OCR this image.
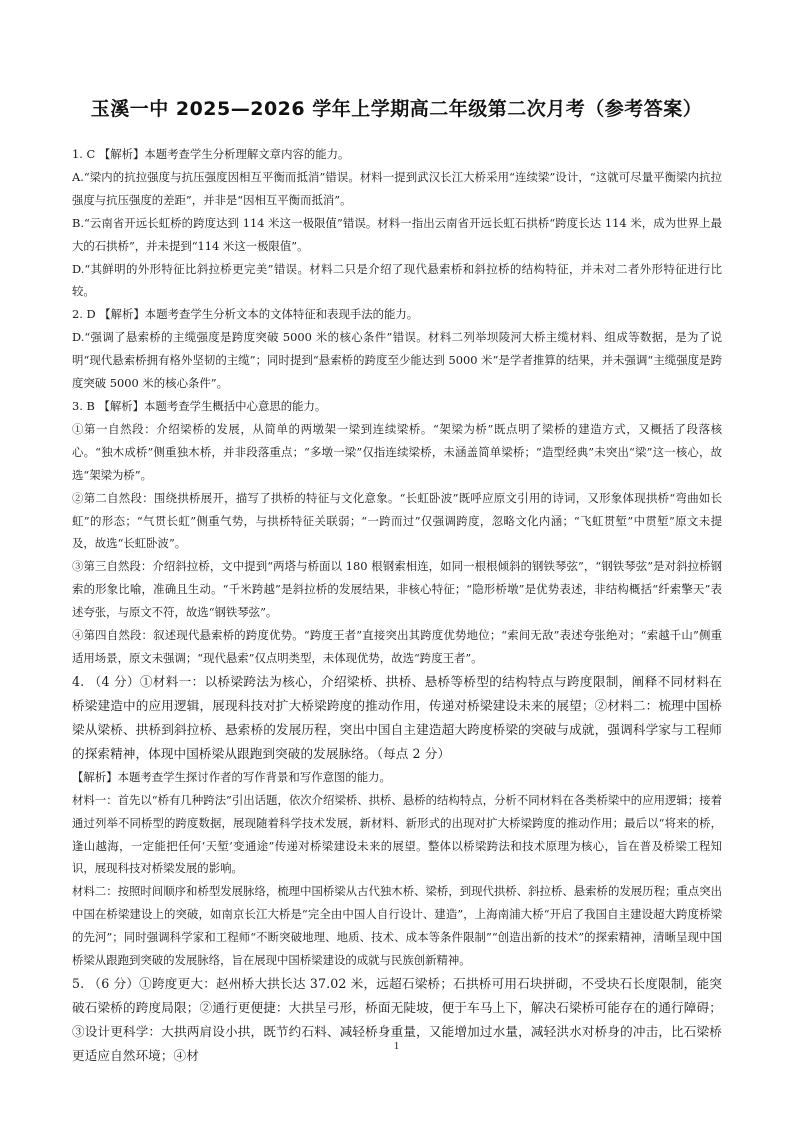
玉溪一中 2025—2026 学年上学期高二年级第二次月考（参考答案）

1. C 【解析】本题考查学生分析理解文章内容的能力。

A.“梁内的抗拉强度与抗压强度因相互平衡而抵消”错误。材料一提到武汉长江大桥采用“连续梁”设计，“这就可尽量平衡梁内抗拉强度与抗压强度的差距”，并非是“因相互平衡而抵消”。

B.“云南省开远长虹桥的跨度达到 114 米这一极限值”错误。材料一指出云南省开远长虹石拱桥“跨度长达 114 米，成为世界上最大的石拱桥”，并未提到“114 米这一极限值”。

D.“其鲜明的外形特征比斜拉桥更完美”错误。材料二只是介绍了现代悬索桥和斜拉桥的结构特征，并未对二者外形特征进行比较。

2. D 【解析】本题考查学生分析文本的文体特征和表现手法的能力。

D.“强调了悬索桥的主缆强度是跨度突破 5000 米的核心条件”错误。材料二列举坝陵河大桥主缆材料、组成等数据，是为了说明“现代悬索桥拥有格外坚韧的主缆”；同时提到“悬索桥的跨度至少能达到 5000 米”是学者推算的结果，并未强调“主缆强度是跨度突破 5000 米的核心条件”。

3. B 【解析】本题考查学生概括中心意思的能力。

①第一自然段：介绍梁桥的发展，从简单的两墩架一梁到连续梁桥。“架梁为桥”既点明了梁桥的建造方式，又概括了段落核心。“独木成桥”侧重独木桥，并非段落重点；“多墩一梁”仅指连续梁桥，未涵盖简单梁桥；“造型经典”未突出“梁”这一核心，故选“架梁为桥”。

②第二自然段：围绕拱桥展开，描写了拱桥的特征与文化意象。“长虹卧波”既呼应原文引用的诗词，又形象体现拱桥“弯曲如长虹”的形态；“气贯长虹”侧重气势，与拱桥特征关联弱；“一跨而过”仅强调跨度，忽略文化内涵；“飞虹贯堑”中贯堑”原文未提及，故选“长虹卧波”。

③第三自然段：介绍斜拉桥，文中提到“两塔与桥面以 180 根钢索相连，如同一根根倾斜的钢铁琴弦”，“钢铁琴弦”是对斜拉桥钢索的形象比喻，准确且生动。“千米跨越”是斜拉桥的发展结果，非核心特征；“隐形桥墩”是优势表述，非结构概括“纤索擎天”表述夸张，与原文不符，故选“钢铁琴弦”。

④第四自然段：叙述现代悬索桥的跨度优势。“跨度王者”直接突出其跨度优势地位；“索间无敌”表述夸张绝对；“索越千山”侧重适用场景，原文未强调；“现代悬索”仅点明类型，未体现优势，故选“跨度王者”。

4. （4 分）①材料一：以桥梁跨法为核心，介绍梁桥、拱桥、悬桥等桥型的结构特点与跨度限制，阐释不同材料在桥梁建造中的应用逻辑，展现科技对扩大桥梁跨度的推动作用，传递对桥梁建设未来的展望；②材料二：梳理中国桥梁从梁桥、拱桥到斜拉桥、悬索桥的发展历程，突出中国自主建造超大跨度桥梁的突破与成就，强调科学家与工程师的探索精神，体现中国桥梁从跟跑到突破的发展脉络。（每点 2 分）

【解析】本题考查学生探讨作者的写作背景和写作意图的能力。

材料一：首先以“桥有几种跨法”引出话题，依次介绍梁桥、拱桥、悬桥的结构特点，分析不同材料在各类桥梁中的应用逻辑；接着通过列举不同桥型的跨度数据，展现随着科学技术发展，新材料、新形式的出现对扩大桥梁跨度的推动作用；最后以“将来的桥，逢山越海，一定能把任何‘天堑’变通途”传递对桥梁建设未来的展望。整体以桥梁跨法和技术原理为核心，旨在普及桥梁工程知识，展现科技对桥梁发展的影响。

材料二：按照时间顺序和桥型发展脉络，梳理中国桥梁从古代独木桥、梁桥，到现代拱桥、斜拉桥、悬索桥的发展历程；重点突出中国在桥梁建设上的突破，如南京长江大桥是“完全由中国人自行设计、建造”，上海南浦大桥“开启了我国自主建设超大跨度桥梁的先河”；同时强调科学家和工程师“不断突破地理、地质、技术、成本等条件限制”“创造出新的技术”的探索精神，清晰呈现中国桥梁从跟跑到突破的发展脉络，旨在展现中国桥梁建设的成就与民族创新精神。

5. （6 分）①跨度更大：赵州桥大拱长达 37.02 米，远超石梁桥；石拱桥可用石块拼砌，不受块石长度限制，能突破石梁桥的跨度局限；②通行更便捷：大拱呈弓形，桥面无陡坡，便于车马上下，解决石梁桥可能存在的通行障碍；③设计更科学：大拱两肩设小拱，既节约石料、减轻桥身重量，又能增加过水量，减轻洪水对桥身的冲击，比石梁桥更适应自然环境；④材

1
